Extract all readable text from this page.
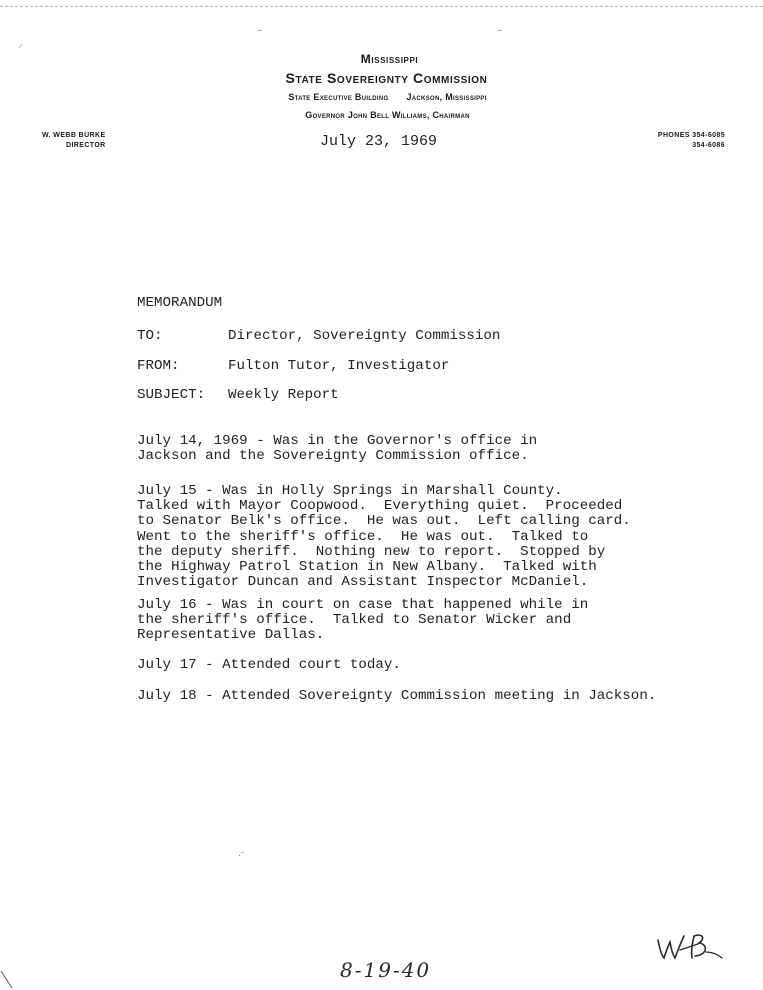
⸝
‾	‾
·ˉ
Mississippi
State Sovereignty Commission
State Executive Building Jackson, Mississippi
Governor John Bell Williams, Chairman
W. WEBB BURKE
DIRECTOR
PHONES 354-6085
354-6086
July 23, 1969
MEMORANDUM
TO:	Director, Sovereignty Commission
FROM:	Fulton Tutor, Investigator
SUBJECT: Weekly Report

July 14, 1969 - Was in the Governor's office in
Jackson and the Sovereignty Commission office.

July 15 - Was in Holly Springs in Marshall County.
Talked with Mayor Coopwood.  Everything quiet.  Proceeded
to Senator Belk's office.  He was out.  Left calling card.
Went to the sheriff's office.  He was out.  Talked to
the deputy sheriff.  Nothing new to report.  Stopped by
the Highway Patrol Station in New Albany.  Talked with
Investigator Duncan and Assistant Inspector McDaniel.

July 16 - Was in court on case that happened while in
the sheriff's office.  Talked to Senator Wicker and
Representative Dallas.

July 17 - Attended court today.

July 18 - Attended Sovereignty Commission meeting in Jackson.

8-19-40
